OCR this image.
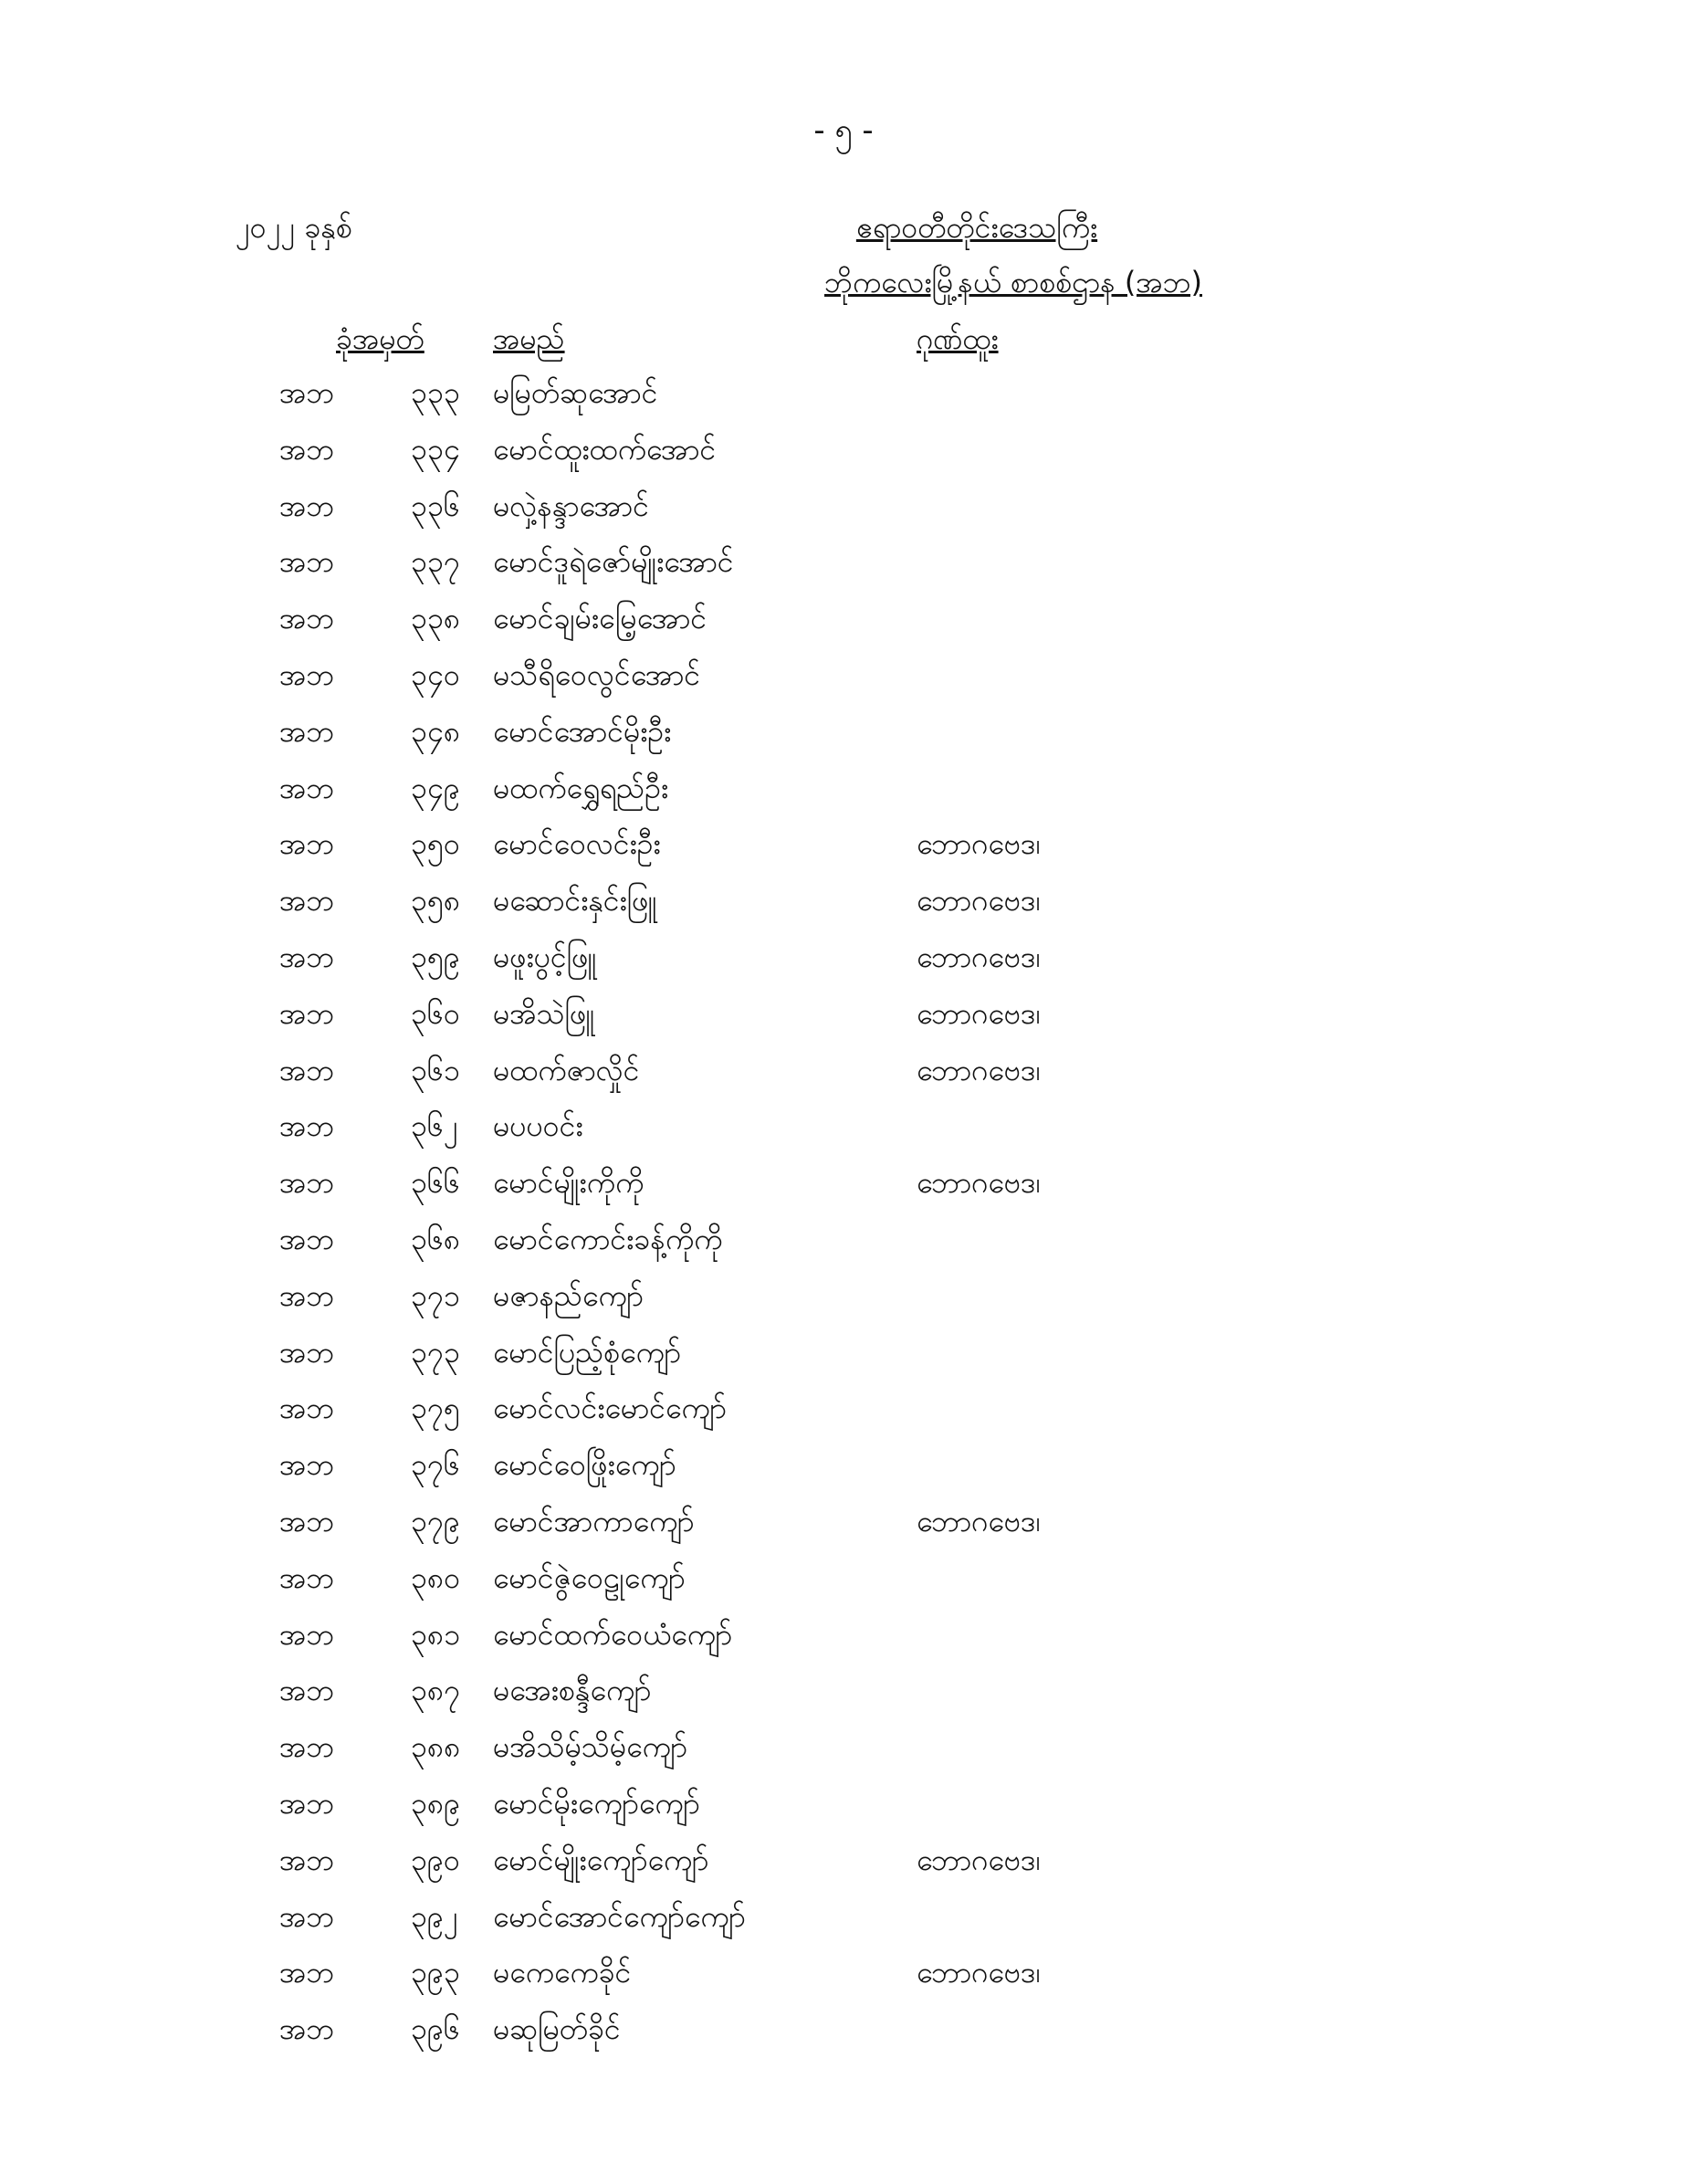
- ၅ -
၂၀၂၂ ခုနှစ်	ဧရာဝတီတိုင်းဒေသကြီး
ဘိုကလေးမြို့နယ် စာစစ်ဌာန (အဘ)
ခုံအမှတ် အမည်	ဂုဏ်ထူး
အဘ	၃၃၃ မမြတ်ဆုအောင်
အဘ	၃၃၄ မောင်ထူးထက်အောင်
အဘ	၃၃၆ မလှဲ့နန္ဒာအောင်
အဘ	၃၃၇ မောင်ဒူရဲဇော်မျိုးအောင်
အဘ	၃၃၈ မောင်ချမ်းမြေ့အောင်
အဘ	၃၄၀ မသီရိဝေလွင်အောင်
အဘ	၃၄၈ မောင်အောင်မိုးဦး
အဘ	၃၄၉ မထက်ရွှေရည်ဦး
အဘ	၃၅၀ မောင်ဝေလင်းဦး	ဘောဂဗေဒ၊
အဘ	၃၅၈ မဆောင်းနှင်းဖြူ	ဘောဂဗေဒ၊
အဘ	၃၅၉ မဖူးပွင့်ဖြူ	ဘောဂဗေဒ၊
အဘ	၃၆၀ မအိသဲဖြူ	ဘောဂဗေဒ၊
အဘ	၃၆၁ မထက်ဇာလှိုင်	ဘောဂဗေဒ၊
အဘ	၃၆၂ မပပဝင်း
အဘ	၃၆၆ မောင်မျိုးကိုကို	ဘောဂဗေဒ၊
အဘ	၃၆၈ မောင်ကောင်းခန့်ကိုကို
အဘ	၃၇၁ မဇာနည်ကျော်
အဘ	၃၇၃ မောင်ပြည့်စုံကျော်
အဘ	၃၇၅ မောင်လင်းမောင်ကျော်
အဘ	၃၇၆ မောင်ဝေဖြိုးကျော်
အဘ	၃၇၉ မောင်အာကာကျော်	ဘောဂဗေဒ၊
အဘ	၃၈၀ မောင်ဇွဲဝေဠုကျော်
အဘ	၃၈၁ မောင်ထက်ဝေယံကျော်
အဘ	၃၈၇ မအေးစန္ဒီကျော်
အဘ	၃၈၈ မအိသိမ့်သိမ့်ကျော်
အဘ	၃၈၉ မောင်မိုးကျော်ကျော်
အဘ	၃၉၀ မောင်မျိုးကျော်ကျော်	ဘောဂဗေဒ၊
အဘ	၃၉၂ မောင်အောင်ကျော်ကျော်
အဘ	၃၉၃ မကေကေခိုင်	ဘောဂဗေဒ၊
အဘ	၃၉၆ မဆုမြတ်ခိုင်
